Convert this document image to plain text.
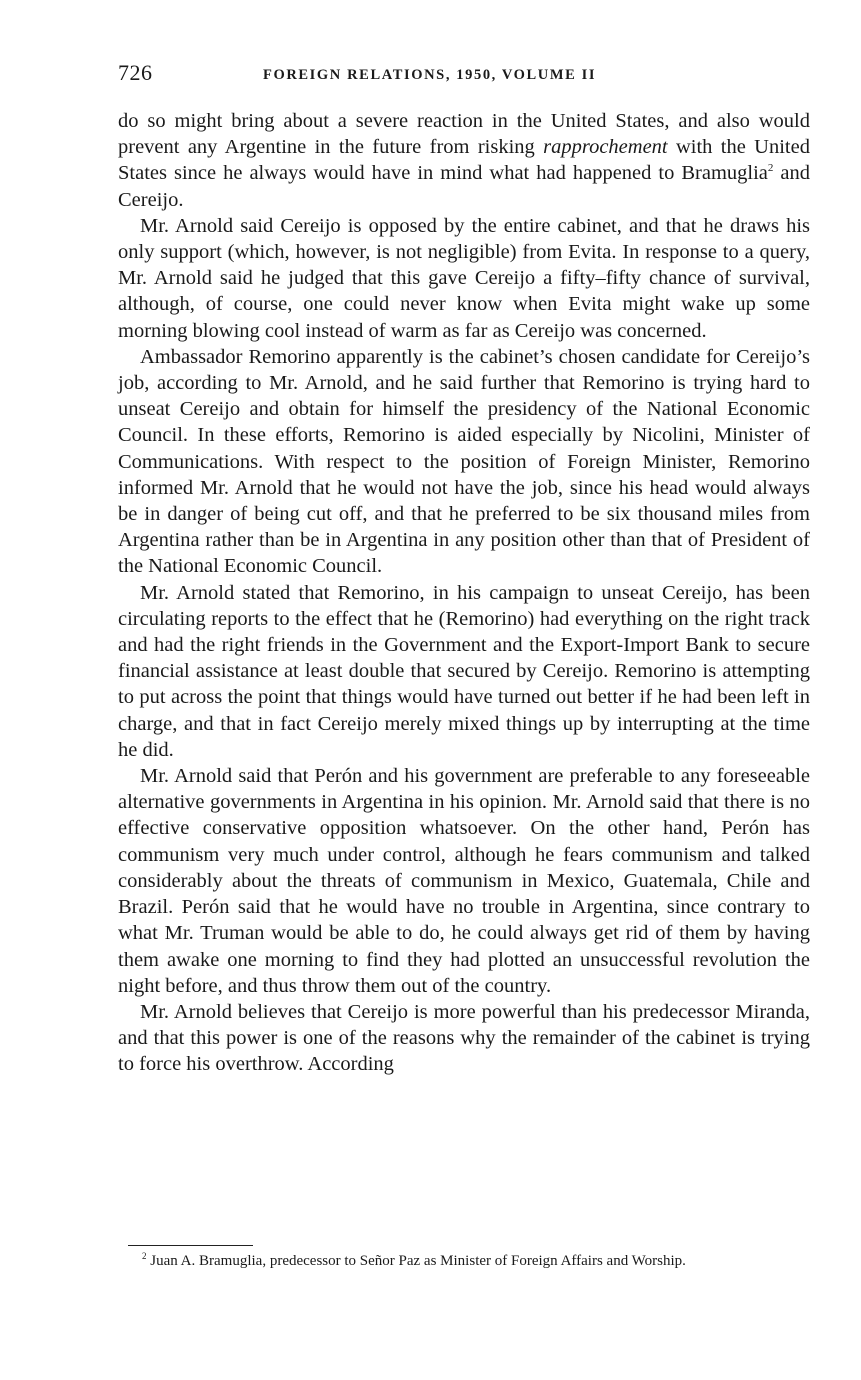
726	FOREIGN RELATIONS, 1950, VOLUME II

do so might bring about a severe reaction in the United States, and also would prevent any Argentine in the future from risking rapprochement with the United States since he always would have in mind what had happened to Bramuglia$^2$ and Cereijo.

Mr. Arnold said Cereijo is opposed by the entire cabinet, and that he draws his only support (which, however, is not negligible) from Evita. In response to a query, Mr. Arnold said he judged that this gave Cereijo a fifty–fifty chance of survival, although, of course, one could never know when Evita might wake up some morning blowing cool instead of warm as far as Cereijo was concerned.

Ambassador Remorino apparently is the cabinet’s chosen candidate for Cereijo’s job, according to Mr. Arnold, and he said further that Remorino is trying hard to unseat Cereijo and obtain for himself the presidency of the National Economic Council. In these efforts, Remorino is aided especially by Nicolini, Minister of Communications. With respect to the position of Foreign Minister, Remorino informed Mr. Arnold that he would not have the job, since his head would always be in danger of being cut off, and that he preferred to be six thousand miles from Argentina rather than be in Argentina in any position other than that of President of the National Economic Council.

Mr. Arnold stated that Remorino, in his campaign to unseat Cereijo, has been circulating reports to the effect that he (Remorino) had everything on the right track and had the right friends in the Government and the Export-Import Bank to secure financial assistance at least double that secured by Cereijo. Remorino is attempting to put across the point that things would have turned out better if he had been left in charge, and that in fact Cereijo merely mixed things up by interrupting at the time he did.

Mr. Arnold said that Perón and his government are preferable to any foreseeable alternative governments in Argentina in his opinion. Mr. Arnold said that there is no effective conservative opposition whatsoever. On the other hand, Perón has communism very much under control, although he fears communism and talked considerably about the threats of communism in Mexico, Guatemala, Chile and Brazil. Perón said that he would have no trouble in Argentina, since contrary to what Mr. Truman would be able to do, he could always get rid of them by having them awake one morning to find they had plotted an unsuccessful revolution the night before, and thus throw them out of the country.

Mr. Arnold believes that Cereijo is more powerful than his predecessor Miranda, and that this power is one of the reasons why the remainder of the cabinet is trying to force his overthrow. According

$^2$ Juan A. Bramuglia, predecessor to Señor Paz as Minister of Foreign Affairs and Worship.
